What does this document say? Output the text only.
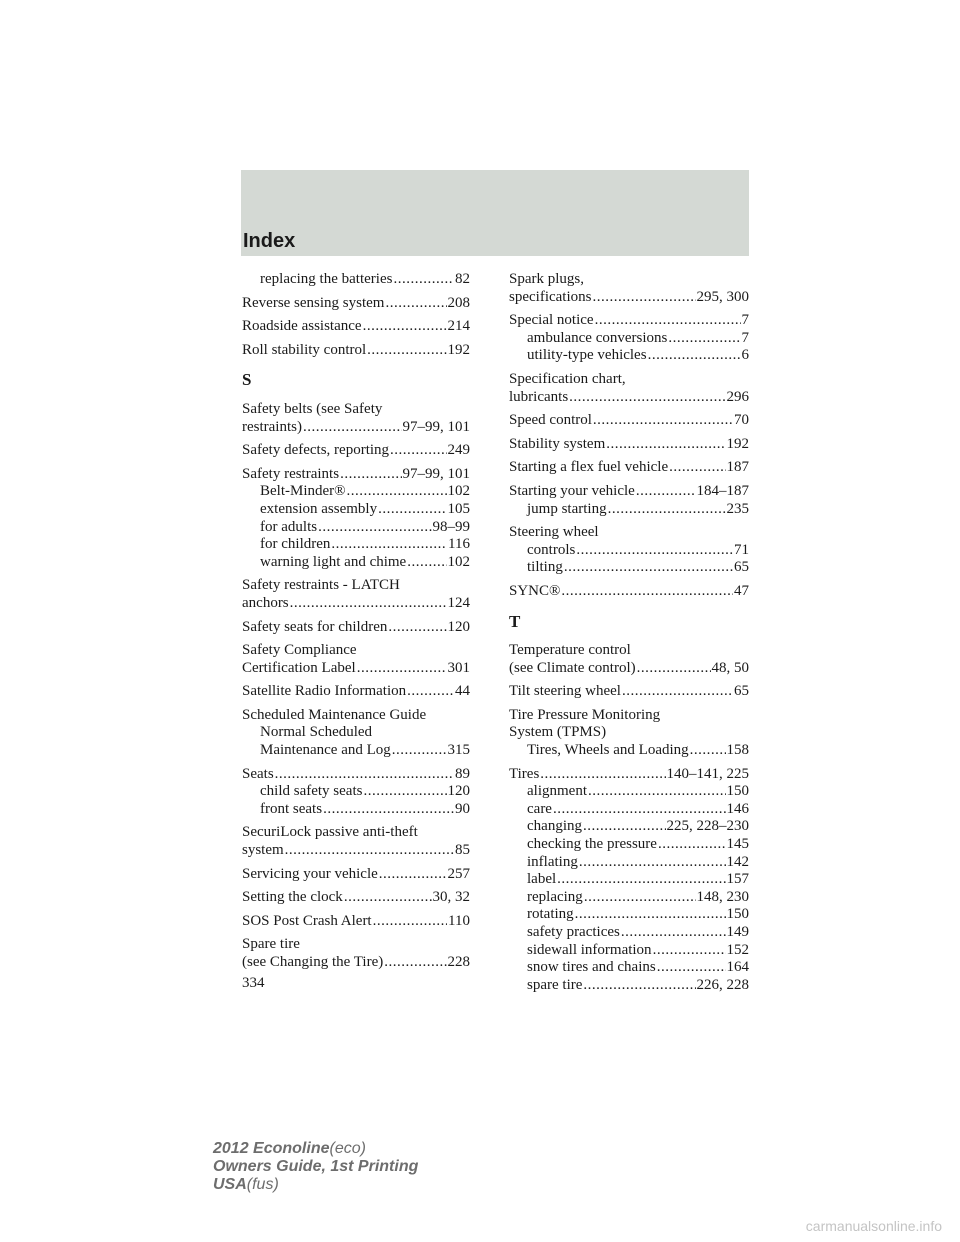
Index
replacing the batteries .....	82
Reverse sensing system .....	208
Roadside assistance .....	214
Roll stability control .....	192
S
Safety belts (see Safety
restraints) .....	97–99, 101
Safety defects, reporting .....	249
Safety restraints .....	97–99, 101
Belt-Minder® .....	102
extension assembly .....	105
for adults .....	98–99
for children .....	116
warning light and chime .....	102
Safety restraints - LATCH
anchors .....	124
Safety seats for children .....	120
Safety Compliance
Certification Label .....	301
Satellite Radio Information .....	44
Scheduled Maintenance Guide
Normal Scheduled
Maintenance and Log .....	315
Seats .....	89
child safety seats .....	120
front seats .....	90
SecuriLock passive anti-theft
system .....	85
Servicing your vehicle .....	257
Setting the clock .....	30, 32
SOS Post Crash Alert .....	110
Spare tire
(see Changing the Tire) .....	228
Spark plugs,
specifications .....	295, 300
Special notice .....	7
ambulance conversions .....	7
utility-type vehicles .....	6
Specification chart,
lubricants .....	296
Speed control .....	70
Stability system .....	192
Starting a flex fuel vehicle .....	187
Starting your vehicle .....	184–187
jump starting .....	235
Steering wheel
controls .....	71
tilting .....	65
SYNC® .....	47
T
Temperature control
(see Climate control) .....	48, 50
Tilt steering wheel .....	65
Tire Pressure Monitoring
System (TPMS)
Tires, Wheels and Loading .....	158
Tires .....	140–141, 225
alignment .....	150
care .....	146
changing .....	225, 228–230
checking the pressure .....	145
inflating .....	142
label .....	157
replacing .....	148, 230
rotating .....	150
safety practices .....	149
sidewall information .....	152
snow tires and chains .....	164
spare tire .....	226, 228
334
2012 Econoline(eco)
Owners Guide, 1st Printing
USA(fus)
carmanualsonline.info
